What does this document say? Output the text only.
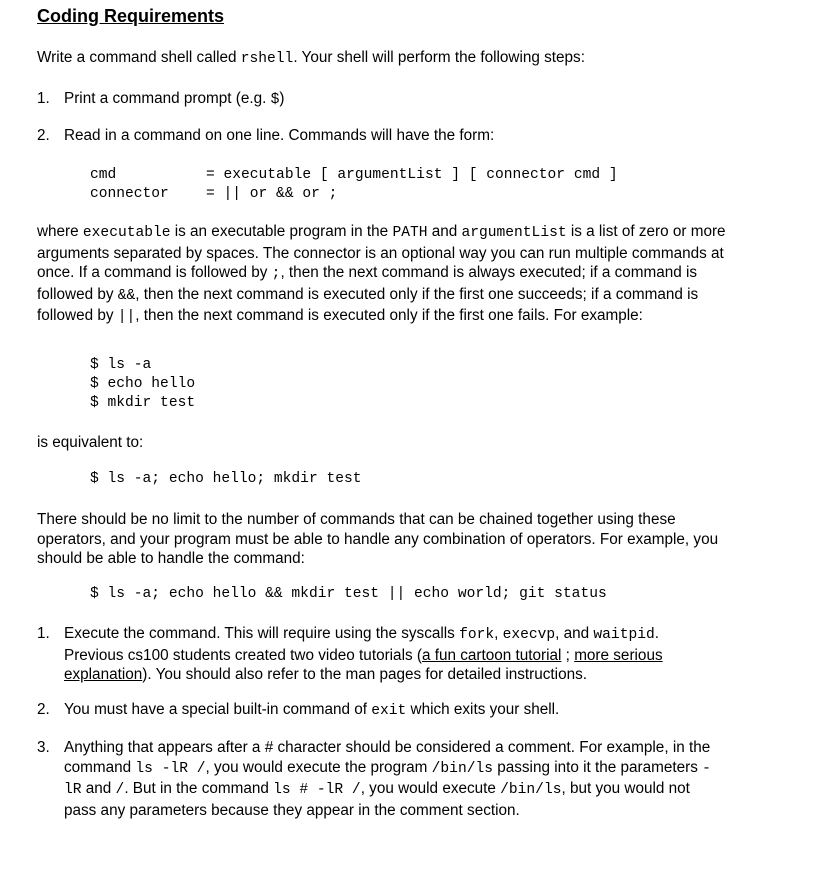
Coding Requirements
Write a command shell called rshell. Your shell will perform the following steps:
1. Print a command prompt (e.g. $)
2. Read in a command on one line. Commands will have the form:
cmd	= executable [ argumentList ] [ connector cmd ]
connector	= || or && or ;
where executable is an executable program in the PATH and argumentList is a list of zero or more arguments separated by spaces. The connector is an optional way you can run multiple commands at once. If a command is followed by ;, then the next command is always executed; if a command is followed by &&, then the next command is executed only if the first one succeeds; if a command is followed by ||, then the next command is executed only if the first one fails. For example:
$ ls -a
$ echo hello
$ mkdir test
is equivalent to:
$ ls -a; echo hello; mkdir test
There should be no limit to the number of commands that can be chained together using these operators, and your program must be able to handle any combination of operators. For example, you should be able to handle the command:
$ ls -a; echo hello && mkdir test || echo world; git status
1. Execute the command. This will require using the syscalls fork, execvp, and waitpid. Previous cs100 students created two video tutorials (a fun cartoon tutorial ; more serious explanation). You should also refer to the man pages for detailed instructions.
2. You must have a special built-in command of exit which exits your shell.
3. Anything that appears after a # character should be considered a comment. For example, in the command ls -lR /, you would execute the program /bin/ls passing into it the parameters -lR and /. But in the command ls # -lR /, you would execute /bin/ls, but you would not pass any parameters because they appear in the comment section.
